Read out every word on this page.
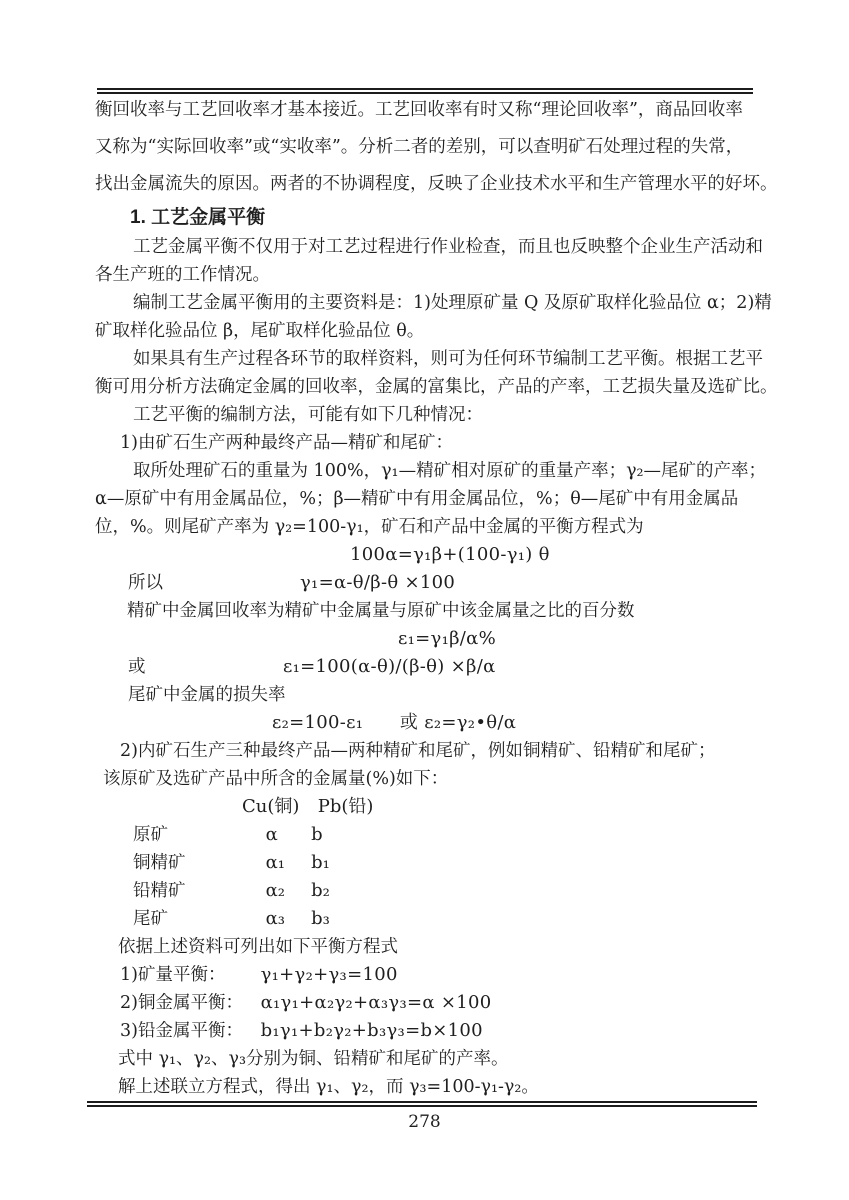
衡回收率与工艺回收率才基本接近。工艺回收率有时又称“理论回收率”，商品回收率
又称为“实际回收率”或“实收率”。分析二者的差别，可以查明矿石处理过程的失常，
找出金属流失的原因。两者的不协调程度，反映了企业技术水平和生产管理水平的好坏。
1. 工艺金属平衡
工艺金属平衡不仅用于对工艺过程进行作业检查，而且也反映整个企业生产活动和
各生产班的工作情况。
编制工艺金属平衡用的主要资料是：1)处理原矿量 Q 及原矿取样化验品位 α；2)精
矿取样化验品位 β，尾矿取样化验品位 θ。
如果具有生产过程各环节的取样资料，则可为任何环节编制工艺平衡。根据工艺平
衡可用分析方法确定金属的回收率，金属的富集比，产品的产率，工艺损失量及选矿比。
工艺平衡的编制方法，可能有如下几种情况：
1)由矿石生产两种最终产品—精矿和尾矿：
取所处理矿石的重量为 100%，γ₁—精矿相对原矿的重量产率；γ₂—尾矿的产率；
α—原矿中有用金属品位，%；β—精矿中有用金属品位，%；θ—尾矿中有用金属品
位，%。则尾矿产率为 γ₂=100-γ₁，矿石和产品中金属的平衡方程式为
100α=γ₁β+(100-γ₁) θ
所以	γ₁=α-θ/β-θ ×100
精矿中金属回收率为精矿中金属量与原矿中该金属量之比的百分数
ε₁=γ₁β/α%
或	ε₁=100(α-θ)/(β-θ) ×β/α
尾矿中金属的损失率
ε₂=100-ε₁　　或 ε₂=γ₂•θ/α
2)内矿石生产三种最终产品—两种精矿和尾矿，例如铜精矿、铅精矿和尾矿；
该原矿及选矿产品中所含的金属量(%)如下：
Cu(铜) Pb(铅)
原矿	α b
铜精矿	α₁ b₁
铅精矿	α₂ b₂
尾矿	α₃ b₃
依据上述资料可列出如下平衡方程式
1)矿量平衡： γ₁+γ₂+γ₃=100
2)铜金属平衡： α₁γ₁+α₂γ₂+α₃γ₃=α ×100
3)铅金属平衡： b₁γ₁+b₂γ₂+b₃γ₃=b×100
式中 γ₁、γ₂、γ₃分别为铜、铅精矿和尾矿的产率。
解上述联立方程式，得出 γ₁、γ₂，而 γ₃=100-γ₁-γ₂。
278
